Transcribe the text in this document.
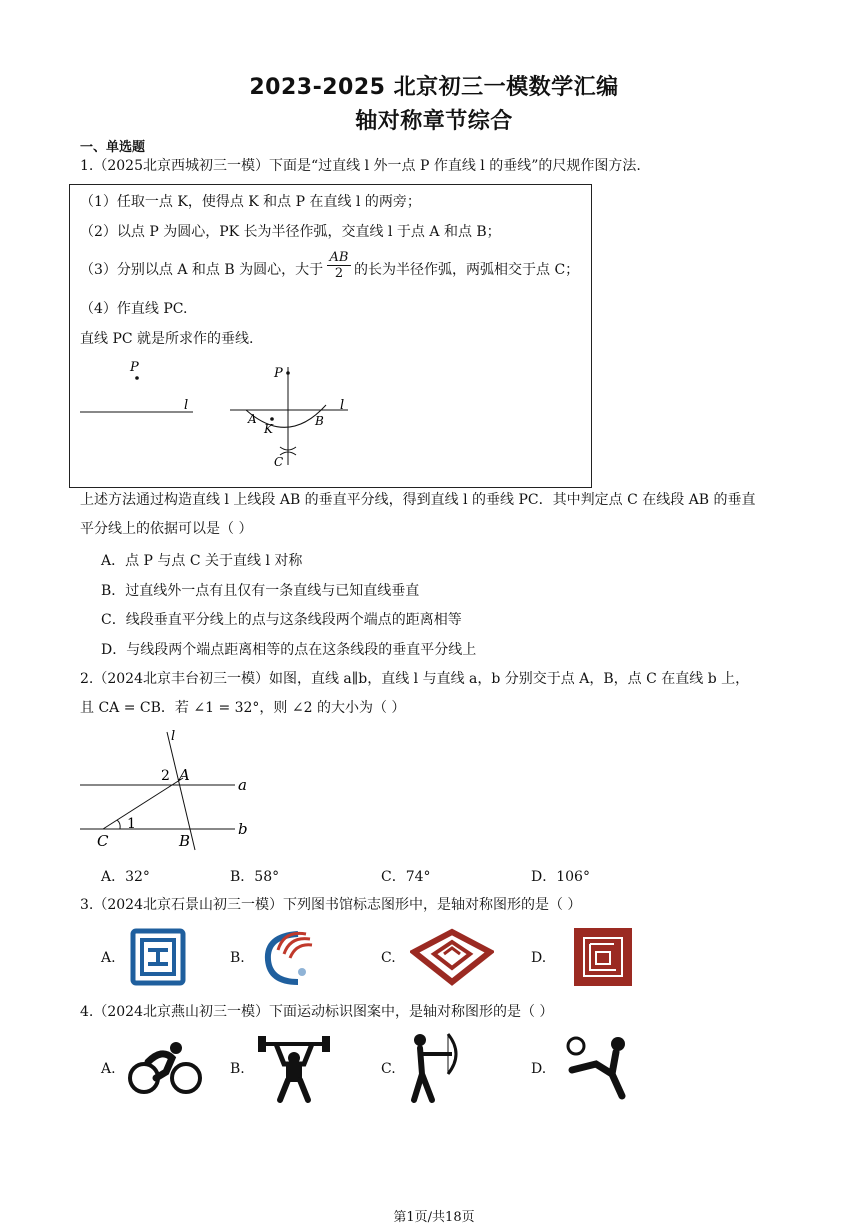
2023-2025 北京初三一模数学汇编
轴对称章节综合
一、单选题
1.（2025北京西城初三一模）下面是“过直线 l 外一点 P 作直线 l 的垂线”的尺规作图方法.
（1）任取一点 K，使得点 K 和点 P 在直线 l 的两旁；
（2）以点 P 为圆心，PK 长为半径作弧，交直线 l 于点 A 和点 B；
（3）分别以点 A 和点 B 为圆心，大于 $\frac{AB}{2}$ 的长为半径作弧，两弧相交于点 C；
（4）作直线 PC.
直线 PC 就是所求作的垂线.
P
l
P
l
A	B
K
C
上述方法通过构造直线 l 上线段 AB 的垂直平分线，得到直线 l 的垂线 PC．其中判定点 C 在线段 AB 的垂直
平分线上的依据可以是（ ）
A．点 P 与点 C 关于直线 l 对称
B．过直线外一点有且仅有一条直线与已知直线垂直
C．线段垂直平分线上的点与这条线段两个端点的距离相等
D．与线段两个端点距离相等的点在这条线段的垂直平分线上
2.（2024北京丰台初三一模）如图，直线 a∥b，直线 l 与直线 a，b 分别交于点 A，B，点 C 在直线 b 上，
且 CA = CB．若 ∠1 = 32°，则 ∠2 的大小为（ ）
l
a
b
A
B
C
1
2
A．32°	B．58°	C．74°	D．106°
3.（2024北京石景山初三一模）下列图书馆标志图形中，是轴对称图形的是（ ）
A.	B.	C.	D.
4.（2024北京燕山初三一模）下面运动标识图案中，是轴对称图形的是（ ）
A.	B.	C.	D.
第1页/共18页
